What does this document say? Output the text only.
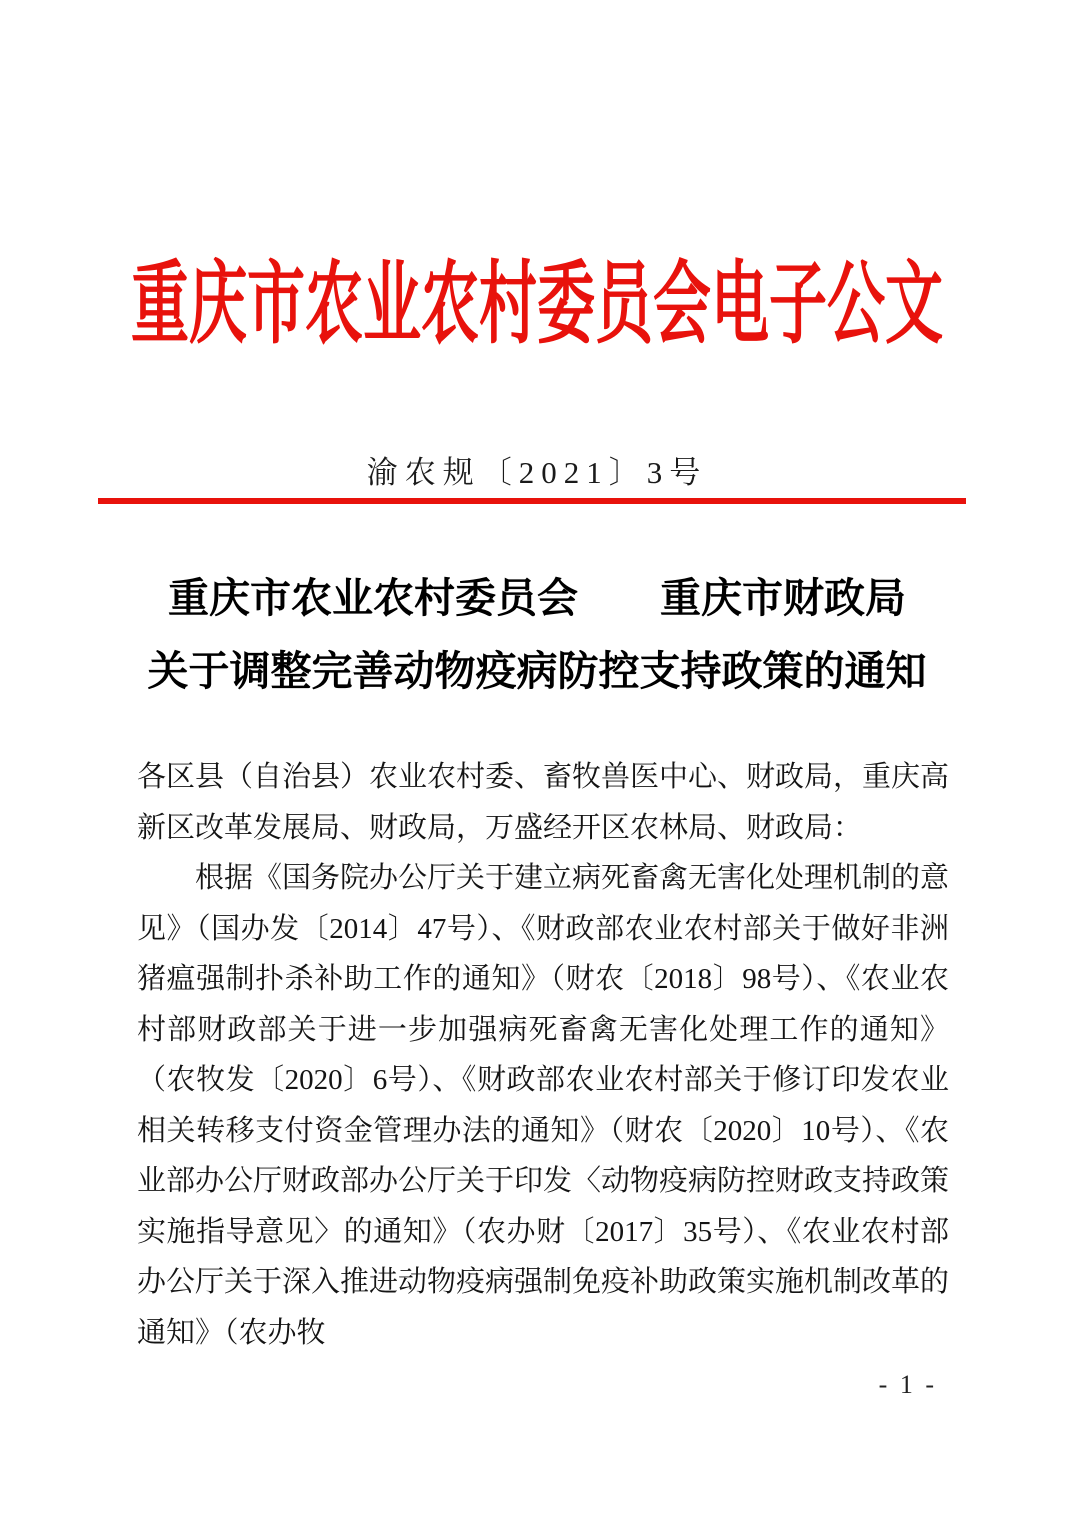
重庆市农业农村委员会电子公文
渝农规〔2021〕3号
重庆市农业农村委员会　　重庆市财政局
关于调整完善动物疫病防控支持政策的通知

各区县（自治县）农业农村委、畜牧兽医中心、财政局，重庆高新区改革发展局、财政局，万盛经开区农林局、财政局：

根据《国务院办公厅关于建立病死畜禽无害化处理机制的意见》（国办发〔2014〕47号）、《财政部农业农村部关于做好非洲猪瘟强制扑杀补助工作的通知》（财农〔2018〕98号）、《农业农村部财政部关于进一步加强病死畜禽无害化处理工作的通知》（农牧发〔2020〕6号）、《财政部农业农村部关于修订印发农业相关转移支付资金管理办法的通知》（财农〔2020〕10号）、《农业部办公厅财政部办公厅关于印发〈动物疫病防控财政支持政策实施指导意见〉的通知》（农办财〔2017〕35号）、《农业农村部办公厅关于深入推进动物疫病强制免疫补助政策实施机制改革的通知》（农办牧

- 1 -
